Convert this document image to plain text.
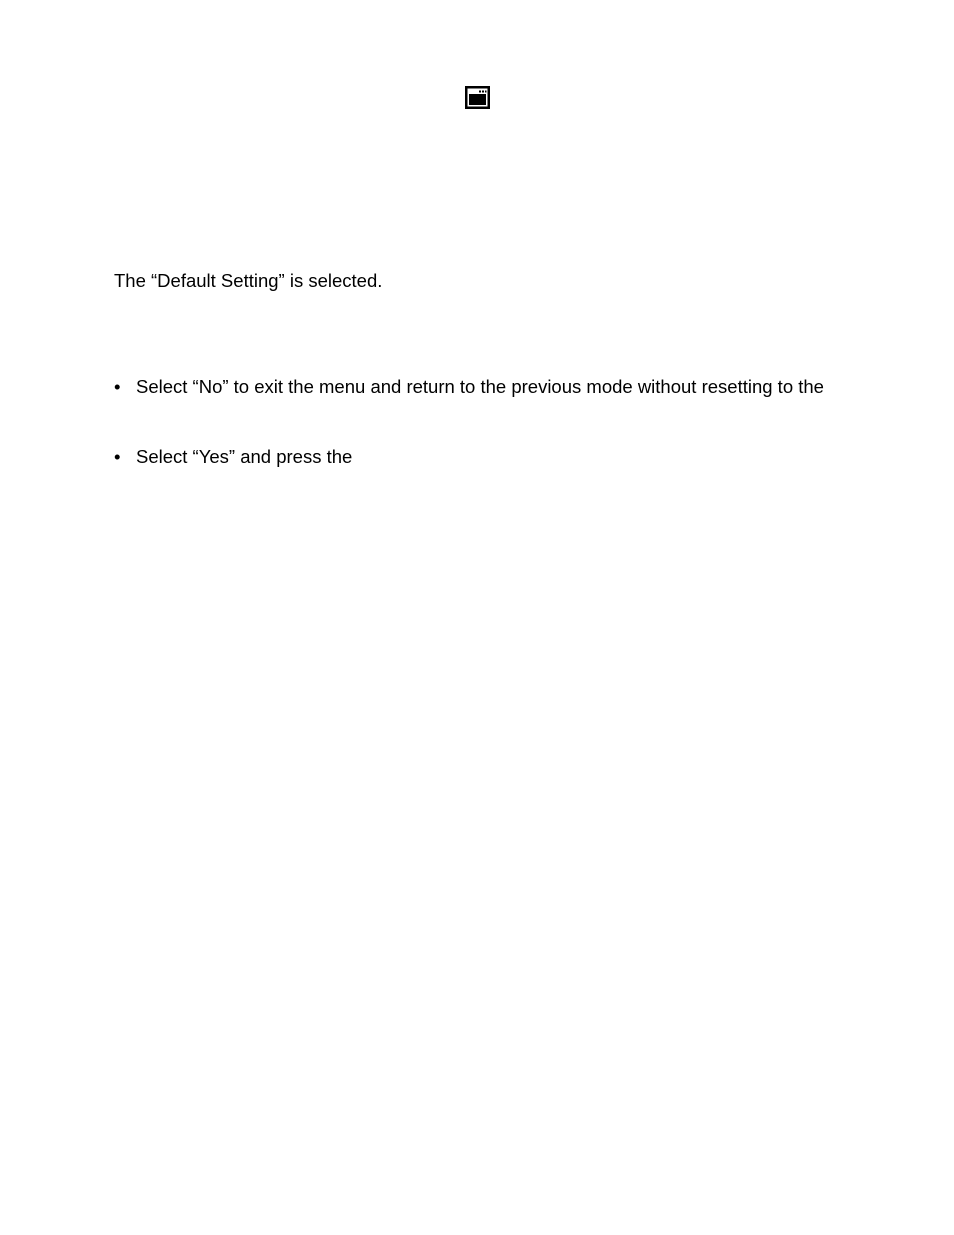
The “Default Setting” is selected.

• Select “No” to exit the menu and return to the previous mode without resetting to the
• Select “Yes” and press the
